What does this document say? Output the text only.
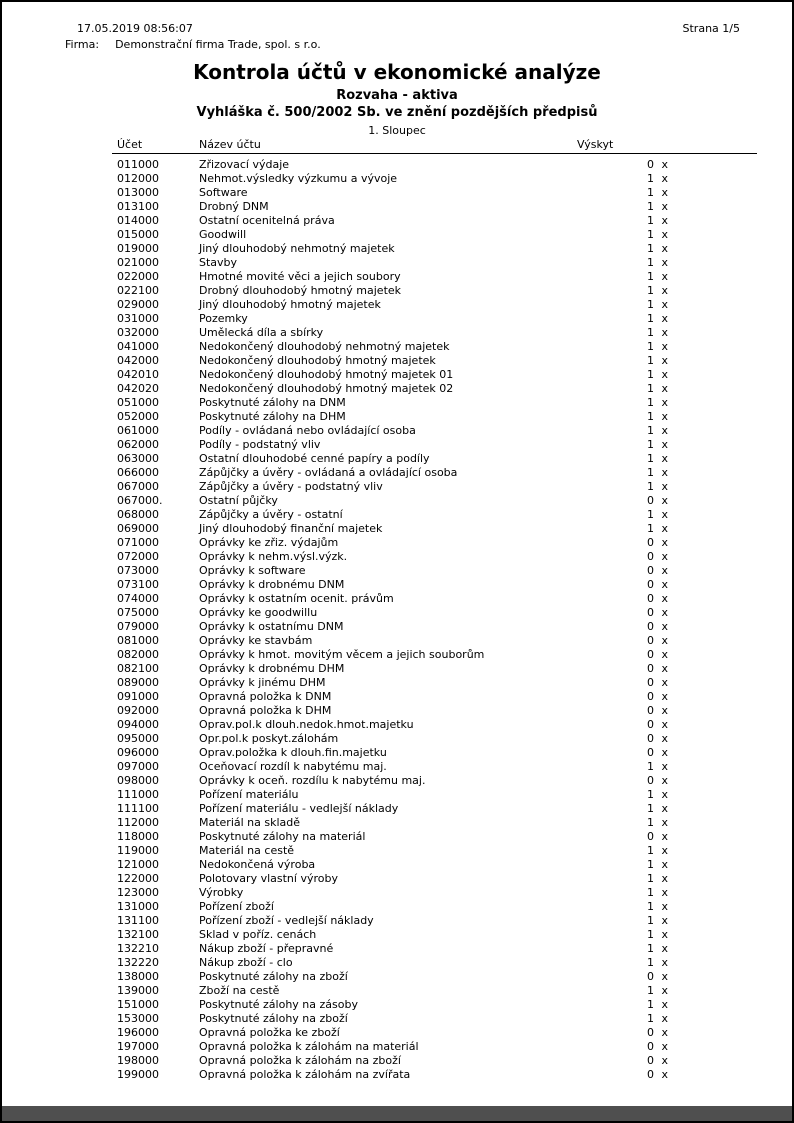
17.05.2019 08:56:07	Strana 1/5
Firma: Demonstrační firma Trade, spol. s r.o.
Kontrola účtů v ekonomické analýze
Rozvaha - aktiva
Vyhláška č. 500/2002 Sb. ve znění pozdějších předpisů
1. Sloupec
Účet	Název účtu	Výskyt
011000	Zřizovací výdaje	0 x
012000	Nehmot.výsledky výzkumu a vývoje	1 x
013000	Software	1 x
013100	Drobný DNM	1 x
014000	Ostatní ocenitelná práva	1 x
015000	Goodwill	1 x
019000	Jiný dlouhodobý nehmotný majetek	1 x
021000	Stavby	1 x
022000	Hmotné movité věci a jejich soubory	1 x
022100	Drobný dlouhodobý hmotný majetek	1 x
029000	Jiný dlouhodobý hmotný majetek	1 x
031000	Pozemky	1 x
032000	Umělecká díla a sbírky	1 x
041000	Nedokončený dlouhodobý nehmotný majetek	1 x
042000	Nedokončený dlouhodobý hmotný majetek	1 x
042010	Nedokončený dlouhodobý hmotný majetek 01	1 x
042020	Nedokončený dlouhodobý hmotný majetek 02	1 x
051000	Poskytnuté zálohy na DNM	1 x
052000	Poskytnuté zálohy na DHM	1 x
061000	Podíly - ovládaná nebo ovládající osoba	1 x
062000	Podíly - podstatný vliv	1 x
063000	Ostatní dlouhodobé cenné papíry a podíly	1 x
066000	Zápůjčky a úvěry - ovládaná a ovládající osoba	1 x
067000	Zápůjčky a úvěry - podstatný vliv	1 x
067000.	Ostatní půjčky	0 x
068000	Zápůjčky a úvěry - ostatní	1 x
069000	Jiný dlouhodobý finanční majetek	1 x
071000	Oprávky ke zřiz. výdajům	0 x
072000	Oprávky k nehm.výsl.výzk.	0 x
073000	Oprávky k software	0 x
073100	Oprávky k drobnému DNM	0 x
074000	Oprávky k ostatním ocenit. právům	0 x
075000	Oprávky ke goodwillu	0 x
079000	Oprávky k ostatnímu DNM	0 x
081000	Oprávky ke stavbám	0 x
082000	Oprávky k hmot. movitým věcem a jejich souborům	0 x
082100	Oprávky k drobnému DHM	0 x
089000	Oprávky k jinému DHM	0 x
091000	Opravná položka k DNM	0 x
092000	Opravná položka k DHM	0 x
094000	Oprav.pol.k dlouh.nedok.hmot.majetku	0 x
095000	Opr.pol.k poskyt.zálohám	0 x
096000	Oprav.položka k dlouh.fin.majetku	0 x
097000	Oceňovací rozdíl k nabytému maj.	1 x
098000	Oprávky k oceň. rozdílu k nabytému maj.	0 x
111000	Pořízení materiálu	1 x
111100	Pořízení materiálu - vedlejší náklady	1 x
112000	Materiál na skladě	1 x
118000	Poskytnuté zálohy na materiál	0 x
119000	Materiál na cestě	1 x
121000	Nedokončená výroba	1 x
122000	Polotovary vlastní výroby	1 x
123000	Výrobky	1 x
131000	Pořízení zboží	1 x
131100	Pořízení zboží - vedlejší náklady	1 x
132100	Sklad v poříz. cenách	1 x
132210	Nákup zboží - přepravné	1 x
132220	Nákup zboží - clo	1 x
138000	Poskytnuté zálohy na zboží	0 x
139000	Zboží na cestě	1 x
151000	Poskytnuté zálohy na zásoby	1 x
153000	Poskytnuté zálohy na zboží	1 x
196000	Opravná položka ke zboží	0 x
197000	Opravná položka k zálohám na materiál	0 x
198000	Opravná položka k zálohám na zboží	0 x
199000	Opravná položka k zálohám na zvířata	0 x
